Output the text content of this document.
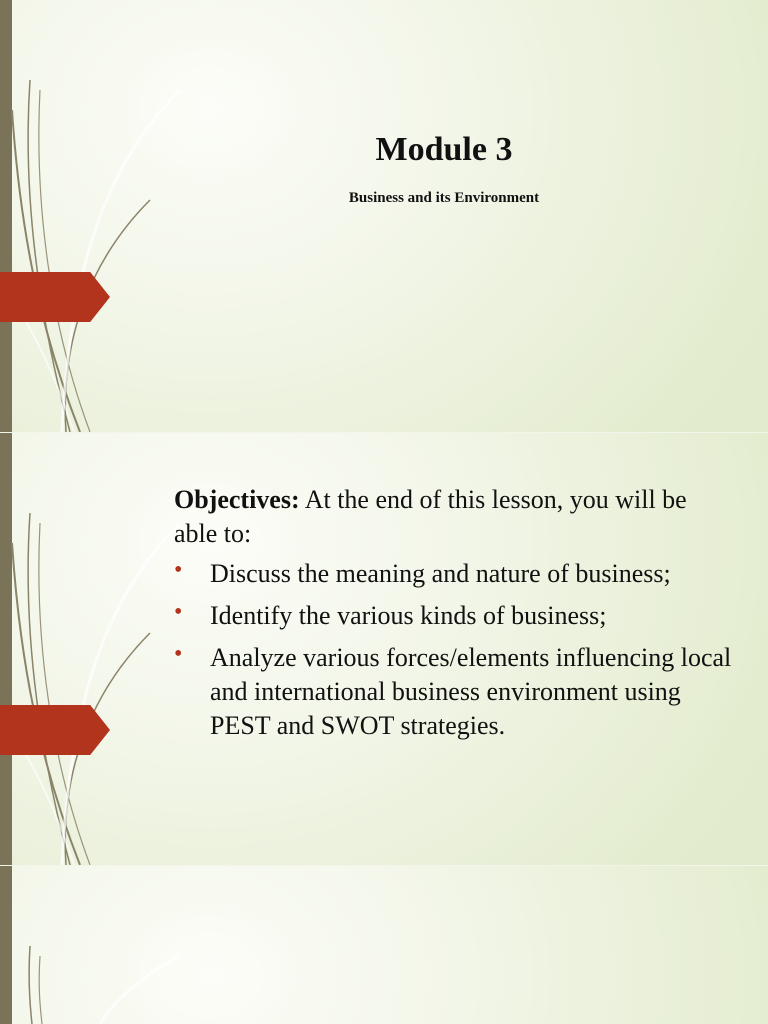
Module 3
Business and its Environment

Objectives: At the end of this lesson, you will be able to:

• Discuss the meaning and nature of business;
• Identify the various kinds of business;
• Analyze various forces/elements influencing local and international business environment using PEST and SWOT strategies.
